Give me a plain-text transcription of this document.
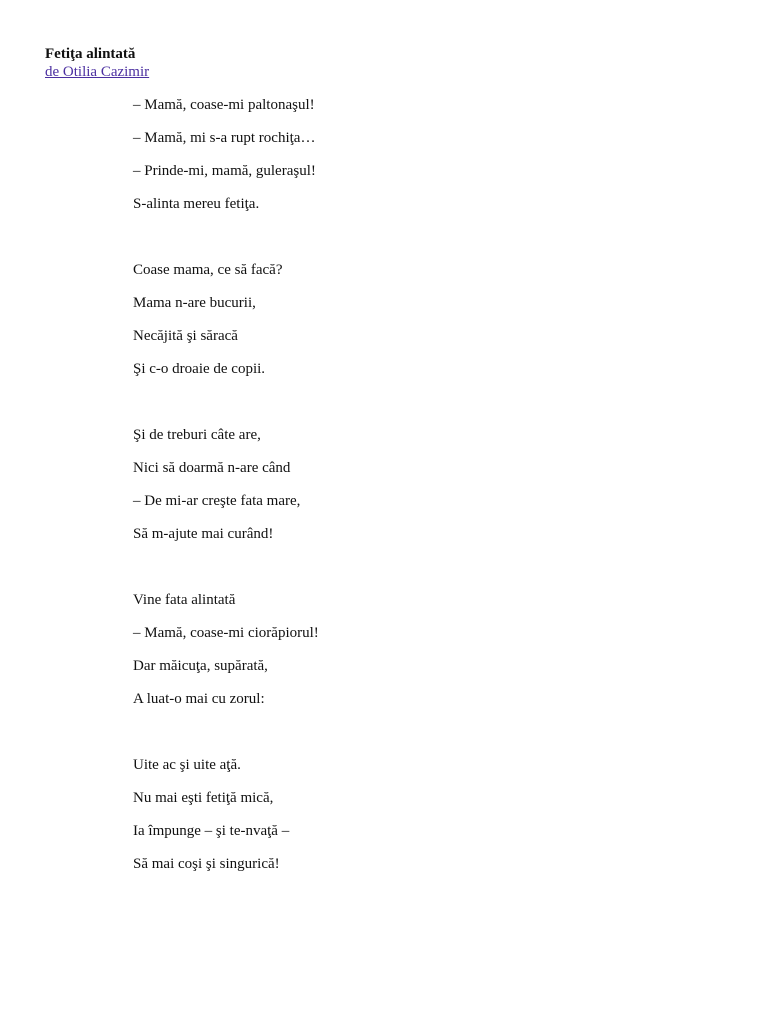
Fetiţa alintată
de Otilia Cazimir
– Mamă, coase-mi paltonaşul!
– Mamă, mi s-a rupt rochiţa…
– Prinde-mi, mamă, guleraşul!
S-alinta mereu fetiţa.
Coase mama, ce să facă?
Mama n-are bucurii,
Necăjită şi săracă
Şi c-o droaie de copii.
Şi de treburi câte are,
Nici să doarmă n-are când
– De mi-ar creşte fata mare,
Să m-ajute mai curând!
Vine fata alintată
– Mamă, coase-mi ciorăpiorul!
Dar măicuţa, supărată,
A luat-o mai cu zorul:
Uite ac şi uite aţă.
Nu mai eşti fetiţă mică,
Ia împunge – şi te-nvaţă –
Să mai coşi şi singurică!
